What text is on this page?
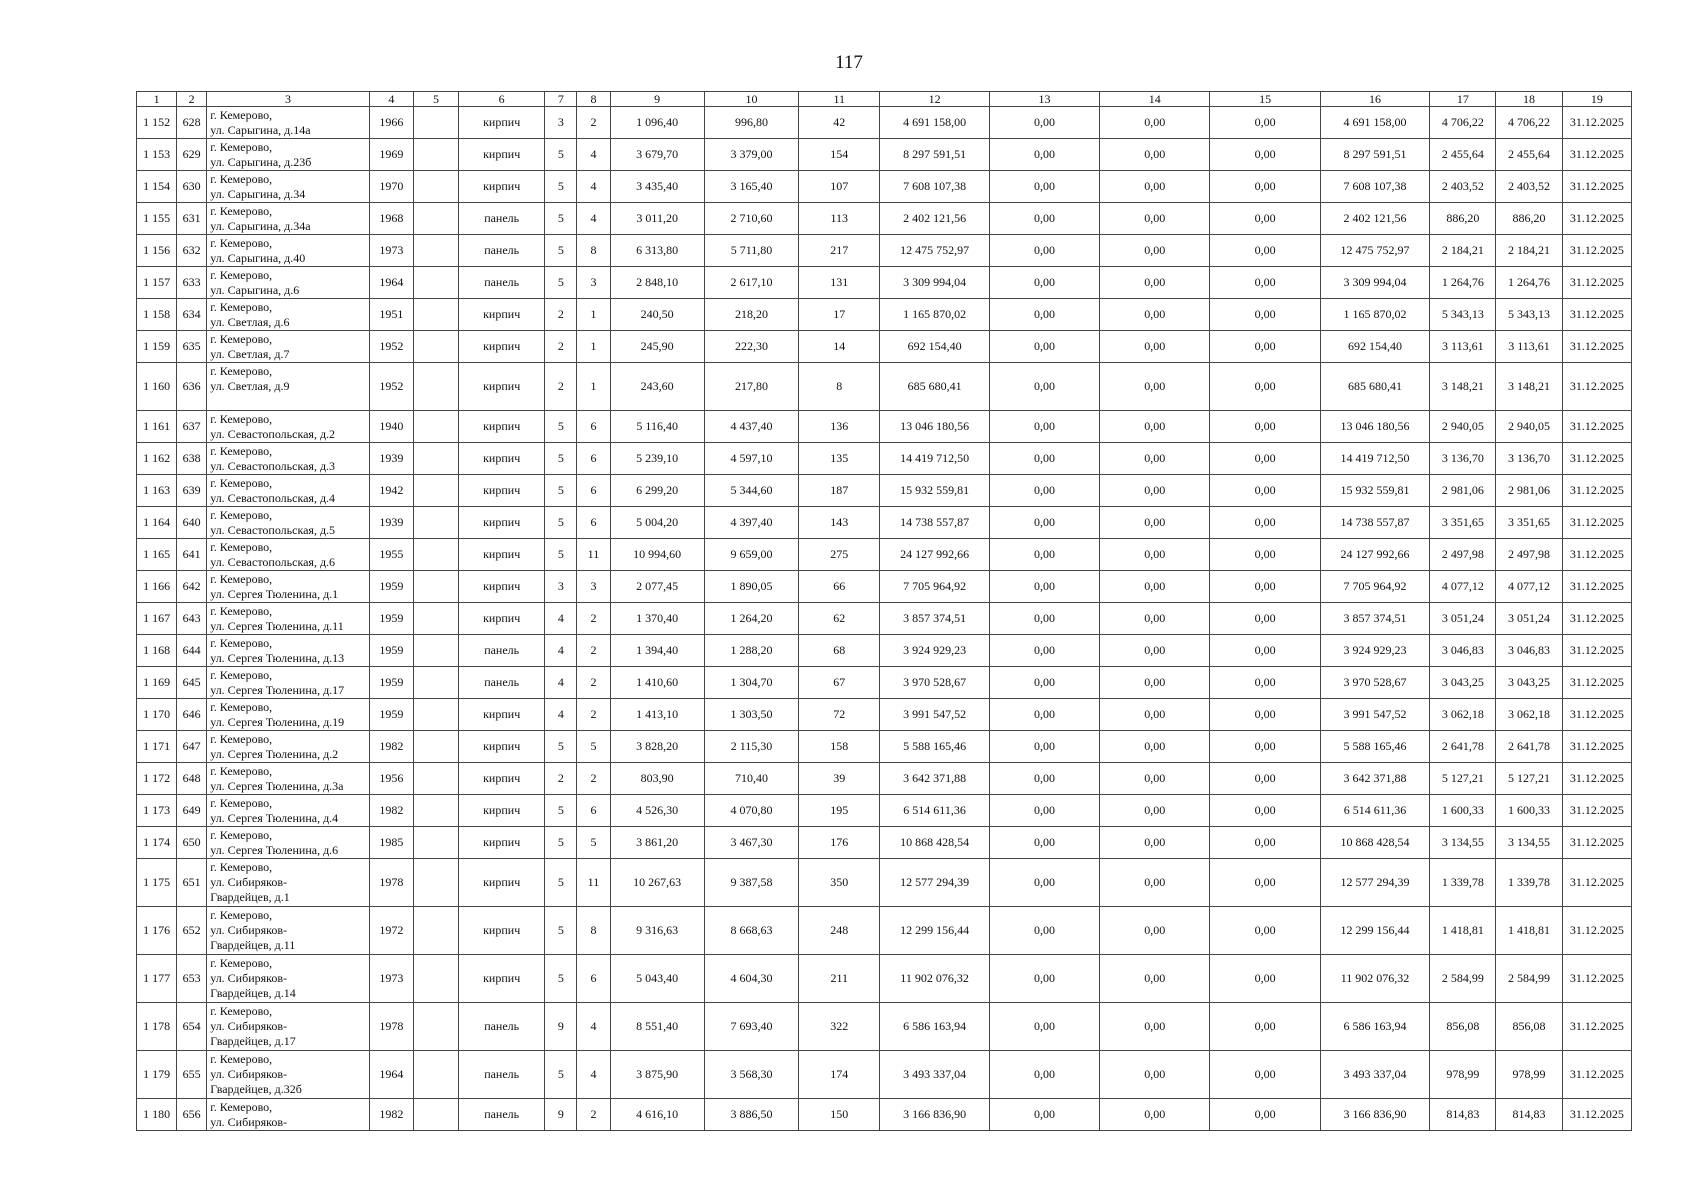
117
1	2	3	4	5	6	7	8	9	10	11	12	13	14	15	16	17	18	19
1 152	628	г. Кемерово,
ул. Сарыгина, д.14а	1966		кирпич	3	2	1 096,40	996,80	42	4 691 158,00	0,00	0,00	0,00	4 691 158,00	4 706,22	4 706,22	31.12.2025
1 153	629	г. Кемерово,
ул. Сарыгина, д.23б	1969		кирпич	5	4	3 679,70	3 379,00	154	8 297 591,51	0,00	0,00	0,00	8 297 591,51	2 455,64	2 455,64	31.12.2025
1 154	630	г. Кемерово,
ул. Сарыгина, д.34	1970		кирпич	5	4	3 435,40	3 165,40	107	7 608 107,38	0,00	0,00	0,00	7 608 107,38	2 403,52	2 403,52	31.12.2025
1 155	631	г. Кемерово,
ул. Сарыгина, д.34а	1968		панель	5	4	3 011,20	2 710,60	113	2 402 121,56	0,00	0,00	0,00	2 402 121,56	886,20	886,20	31.12.2025
1 156	632	г. Кемерово,
ул. Сарыгина, д.40	1973		панель	5	8	6 313,80	5 711,80	217	12 475 752,97	0,00	0,00	0,00	12 475 752,97	2 184,21	2 184,21	31.12.2025
1 157	633	г. Кемерово,
ул. Сарыгина, д.6	1964		панель	5	3	2 848,10	2 617,10	131	3 309 994,04	0,00	0,00	0,00	3 309 994,04	1 264,76	1 264,76	31.12.2025
1 158	634	г. Кемерово,
ул. Светлая, д.6	1951		кирпич	2	1	240,50	218,20	17	1 165 870,02	0,00	0,00	0,00	1 165 870,02	5 343,13	5 343,13	31.12.2025
1 159	635	г. Кемерово,
ул. Светлая, д.7	1952		кирпич	2	1	245,90	222,30	14	692 154,40	0,00	0,00	0,00	692 154,40	3 113,61	3 113,61	31.12.2025
1 160	636	г. Кемерово,
ул. Светлая, д.9	1952		кирпич	2	1	243,60	217,80	8	685 680,41	0,00	0,00	0,00	685 680,41	3 148,21	3 148,21	31.12.2025
1 161	637	г. Кемерово,
ул. Севастопольская, д.2	1940		кирпич	5	6	5 116,40	4 437,40	136	13 046 180,56	0,00	0,00	0,00	13 046 180,56	2 940,05	2 940,05	31.12.2025
1 162	638	г. Кемерово,
ул. Севастопольская, д.3	1939		кирпич	5	6	5 239,10	4 597,10	135	14 419 712,50	0,00	0,00	0,00	14 419 712,50	3 136,70	3 136,70	31.12.2025
1 163	639	г. Кемерово,
ул. Севастопольская, д.4	1942		кирпич	5	6	6 299,20	5 344,60	187	15 932 559,81	0,00	0,00	0,00	15 932 559,81	2 981,06	2 981,06	31.12.2025
1 164	640	г. Кемерово,
ул. Севастопольская, д.5	1939		кирпич	5	6	5 004,20	4 397,40	143	14 738 557,87	0,00	0,00	0,00	14 738 557,87	3 351,65	3 351,65	31.12.2025
1 165	641	г. Кемерово,
ул. Севастопольская, д.6	1955		кирпич	5	11	10 994,60	9 659,00	275	24 127 992,66	0,00	0,00	0,00	24 127 992,66	2 497,98	2 497,98	31.12.2025
1 166	642	г. Кемерово,
ул. Сергея Тюленина, д.1	1959		кирпич	3	3	2 077,45	1 890,05	66	7 705 964,92	0,00	0,00	0,00	7 705 964,92	4 077,12	4 077,12	31.12.2025
1 167	643	г. Кемерово,
ул. Сергея Тюленина, д.11	1959		кирпич	4	2	1 370,40	1 264,20	62	3 857 374,51	0,00	0,00	0,00	3 857 374,51	3 051,24	3 051,24	31.12.2025
1 168	644	г. Кемерово,
ул. Сергея Тюленина, д.13	1959		панель	4	2	1 394,40	1 288,20	68	3 924 929,23	0,00	0,00	0,00	3 924 929,23	3 046,83	3 046,83	31.12.2025
1 169	645	г. Кемерово,
ул. Сергея Тюленина, д.17	1959		панель	4	2	1 410,60	1 304,70	67	3 970 528,67	0,00	0,00	0,00	3 970 528,67	3 043,25	3 043,25	31.12.2025
1 170	646	г. Кемерово,
ул. Сергея Тюленина, д.19	1959		кирпич	4	2	1 413,10	1 303,50	72	3 991 547,52	0,00	0,00	0,00	3 991 547,52	3 062,18	3 062,18	31.12.2025
1 171	647	г. Кемерово,
ул. Сергея Тюленина, д.2	1982		кирпич	5	5	3 828,20	2 115,30	158	5 588 165,46	0,00	0,00	0,00	5 588 165,46	2 641,78	2 641,78	31.12.2025
1 172	648	г. Кемерово,
ул. Сергея Тюленина, д.3а	1956		кирпич	2	2	803,90	710,40	39	3 642 371,88	0,00	0,00	0,00	3 642 371,88	5 127,21	5 127,21	31.12.2025
1 173	649	г. Кемерово,
ул. Сергея Тюленина, д.4	1982		кирпич	5	6	4 526,30	4 070,80	195	6 514 611,36	0,00	0,00	0,00	6 514 611,36	1 600,33	1 600,33	31.12.2025
1 174	650	г. Кемерово,
ул. Сергея Тюленина, д.6	1985		кирпич	5	5	3 861,20	3 467,30	176	10 868 428,54	0,00	0,00	0,00	10 868 428,54	3 134,55	3 134,55	31.12.2025
1 175	651	г. Кемерово,
ул. Сибиряков-
Гвардейцев, д.1	1978		кирпич	5	11	10 267,63	9 387,58	350	12 577 294,39	0,00	0,00	0,00	12 577 294,39	1 339,78	1 339,78	31.12.2025
1 176	652	г. Кемерово,
ул. Сибиряков-
Гвардейцев, д.11	1972		кирпич	5	8	9 316,63	8 668,63	248	12 299 156,44	0,00	0,00	0,00	12 299 156,44	1 418,81	1 418,81	31.12.2025
1 177	653	г. Кемерово,
ул. Сибиряков-
Гвардейцев, д.14	1973		кирпич	5	6	5 043,40	4 604,30	211	11 902 076,32	0,00	0,00	0,00	11 902 076,32	2 584,99	2 584,99	31.12.2025
1 178	654	г. Кемерово,
ул. Сибиряков-
Гвардейцев, д.17	1978		панель	9	4	8 551,40	7 693,40	322	6 586 163,94	0,00	0,00	0,00	6 586 163,94	856,08	856,08	31.12.2025
1 179	655	г. Кемерово,
ул. Сибиряков-
Гвардейцев, д.32б	1964		панель	5	4	3 875,90	3 568,30	174	3 493 337,04	0,00	0,00	0,00	3 493 337,04	978,99	978,99	31.12.2025
1 180	656	г. Кемерово,
ул. Сибиряков-	1982		панель	9	2	4 616,10	3 886,50	150	3 166 836,90	0,00	0,00	0,00	3 166 836,90	814,83	814,83	31.12.2025
